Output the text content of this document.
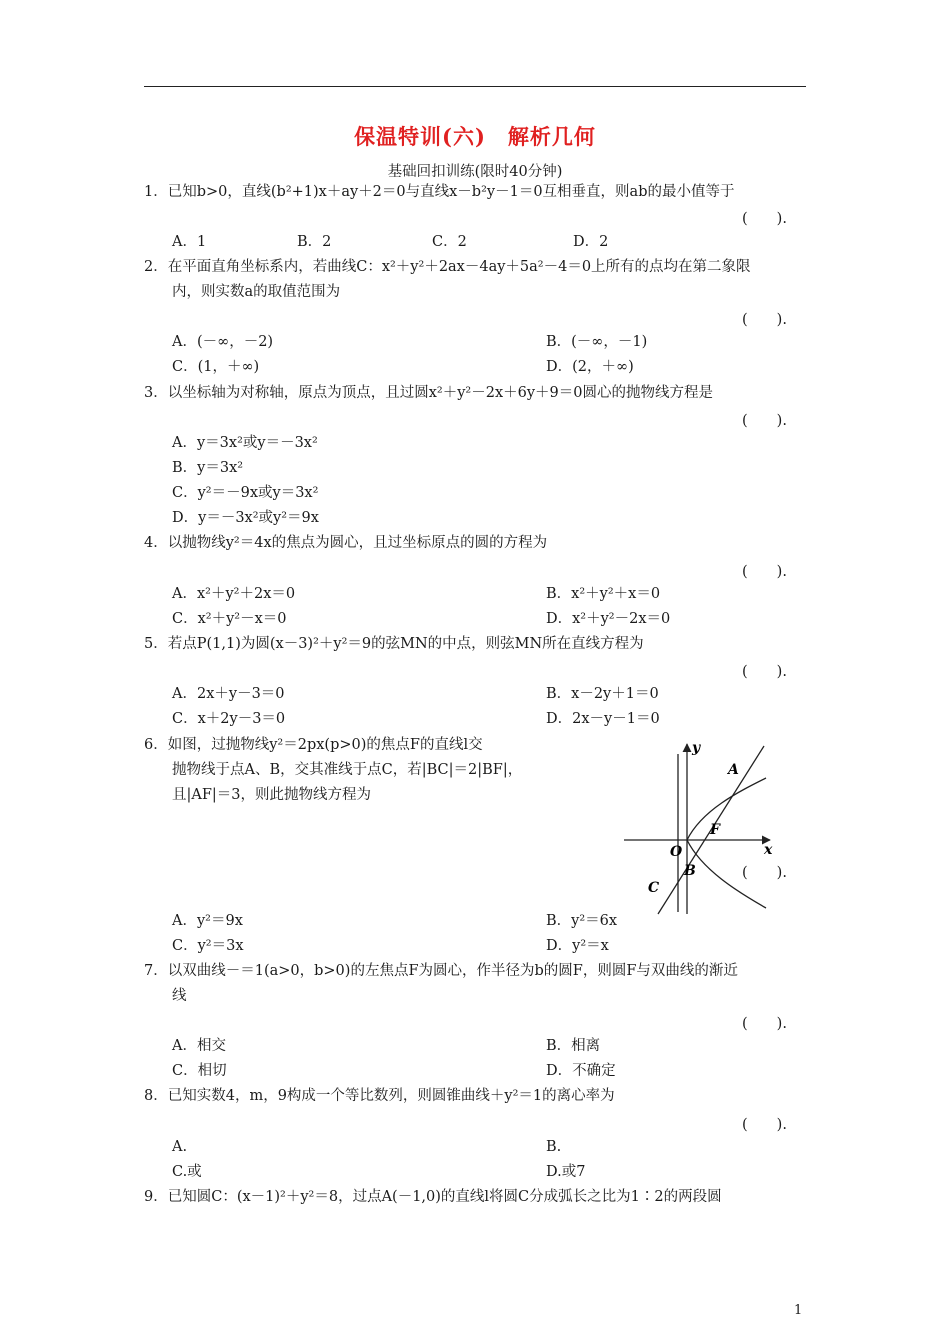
保温特训(六)　解析几何
基础回扣训练(限时40分钟)
1．已知b>0，直线(b²+1)x＋ay＋2＝0与直线x－b²y－1＝0互相垂直，则ab的最小值等于
(　　).
A．1	B．2	C．2	D．2
2．在平面直角坐标系内，若曲线C：x²＋y²＋2ax－4ay＋5a²－4＝0上所有的点均在第二象限
内，则实数a的取值范围为
(　　).
A．(－∞，－2)	B．(－∞，－1)
C．(1，＋∞)	D．(2，＋∞)
3．以坐标轴为对称轴，原点为顶点，且过圆x²＋y²－2x＋6y＋9＝0圆心的抛物线方程是
(　　).
A．y＝3x²或y＝－3x²
B．y＝3x²
C．y²＝－9x或y＝3x²
D．y＝－3x²或y²＝9x
4．以抛物线y²＝4x的焦点为圆心，且过坐标原点的圆的方程为
(　　).
A．x²＋y²＋2x＝0	B．x²＋y²＋x＝0
C．x²＋y²－x＝0	D．x²＋y²－2x＝0
5．若点P(1,1)为圆(x－3)²＋y²＝9的弦MN的中点，则弦MN所在直线方程为
(　　).
A．2x＋y－3＝0	B．x－2y＋1＝0
C．x＋2y－3＝0	D．2x－y－1＝0
6．如图，过抛物线y²＝2px(p>0)的焦点F的直线l交
抛物线于点A、B，交其准线于点C，若|BC|＝2|BF|，
且|AF|＝3，则此抛物线方程为
y
x
A
F
O
B
C
(　　).
A．y²＝9x	B．y²＝6x
C．y²＝3x	D．y²＝x
7．以双曲线－＝1(a>0，b>0)的左焦点F为圆心，作半径为b的圆F，则圆F与双曲线的渐近
线
(　　).
A．相交	B．相离
C．相切	D．不确定
8．已知实数4，m，9构成一个等比数列，则圆锥曲线＋y²＝1的离心率为
(　　).
A.	B.
C.或	D.或7
9．已知圆C：(x－1)²＋y²＝8，过点A(－1,0)的直线l将圆C分成弧长之比为1∶2的两段圆
1
